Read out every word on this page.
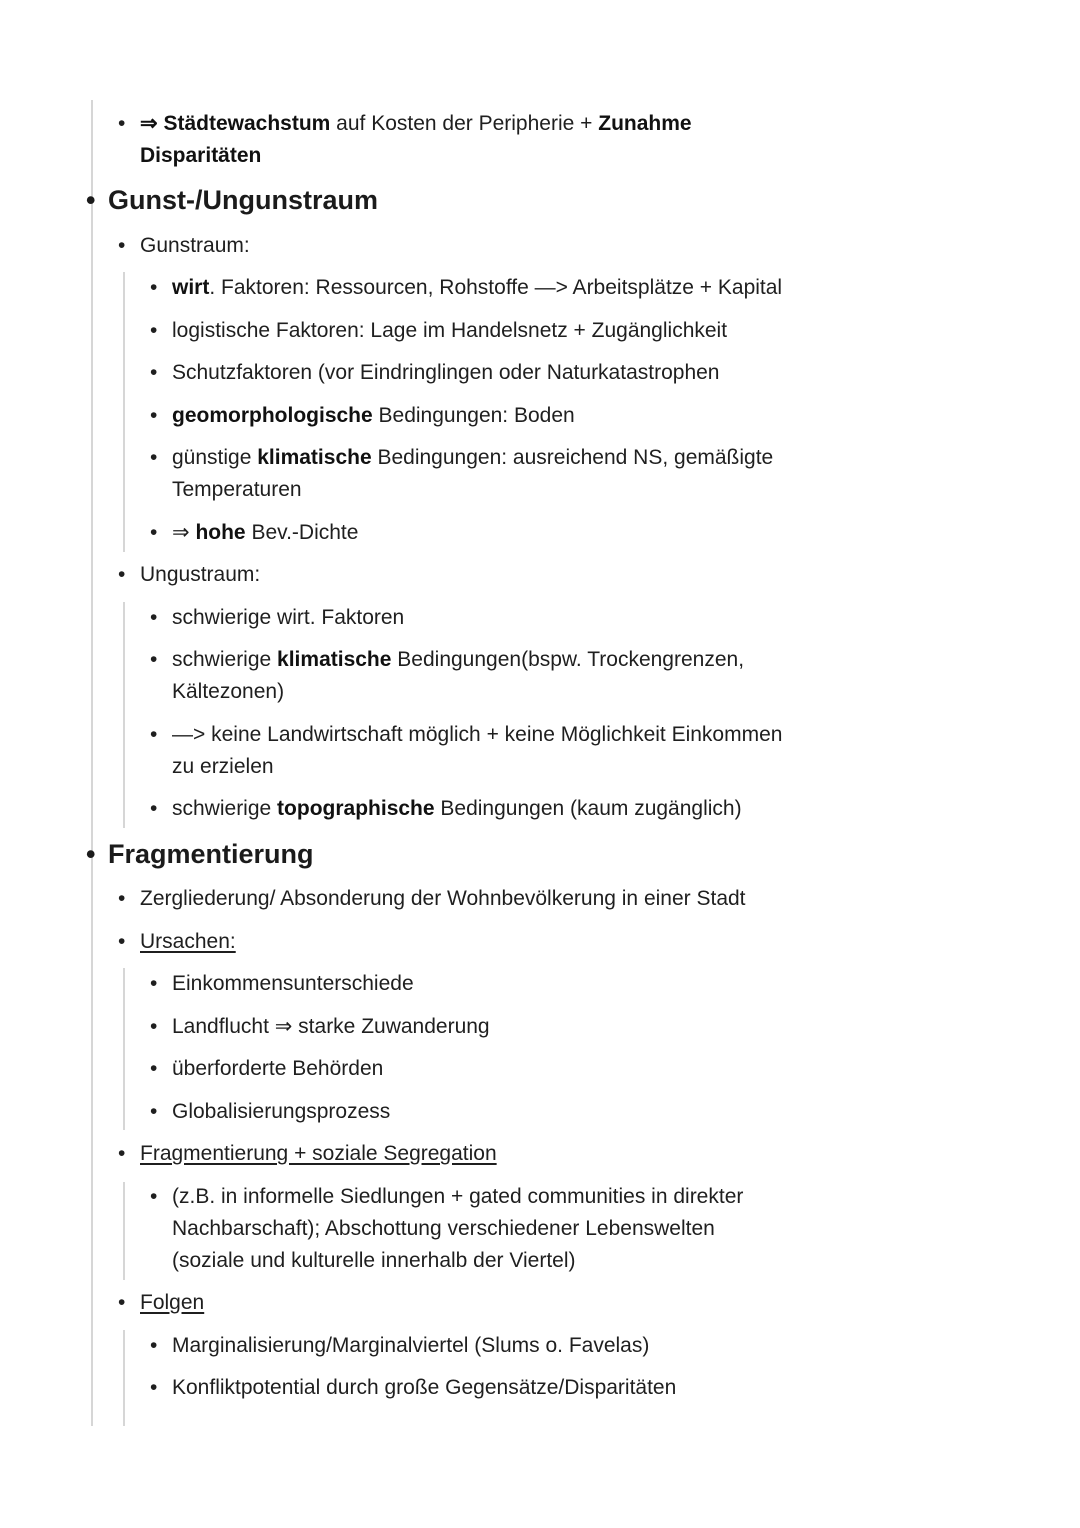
• ⇒ Städtewachstum auf Kosten der Peripherie + Zunahme
Disparitäten
• Gunst-/Ungunstraum
• Gunstraum:
• wirt. Faktoren: Ressourcen, Rohstoffe —> Arbeitsplätze + Kapital
• logistische Faktoren: Lage im Handelsnetz + Zugänglichkeit
• Schutzfaktoren (vor Eindringlingen oder Naturkatastrophen
• geomorphologische Bedingungen: Boden
• günstige klimatische Bedingungen: ausreichend NS, gemäßigte
Temperaturen
• ⇒ hohe Bev.-Dichte
• Ungustraum:
• schwierige wirt. Faktoren
• schwierige klimatische Bedingungen(bspw. Trockengrenzen,
Kältezonen)
• —> keine Landwirtschaft möglich + keine Möglichkeit Einkommen
zu erzielen
• schwierige topographische Bedingungen (kaum zugänglich)
• Fragmentierung
• Zergliederung/ Absonderung der Wohnbevölkerung in einer Stadt
• Ursachen:
• Einkommensunterschiede
• Landflucht ⇒ starke Zuwanderung
• überforderte Behörden
• Globalisierungsprozess
• Fragmentierung + soziale Segregation
• (z.B. in informelle Siedlungen + gated communities in direkter
Nachbarschaft); Abschottung verschiedener Lebenswelten
(soziale und kulturelle innerhalb der Viertel)
• Folgen
• Marginalisierung/Marginalviertel (Slums o. Favelas)
• Konfliktpotential durch große Gegensätze/Disparitäten
